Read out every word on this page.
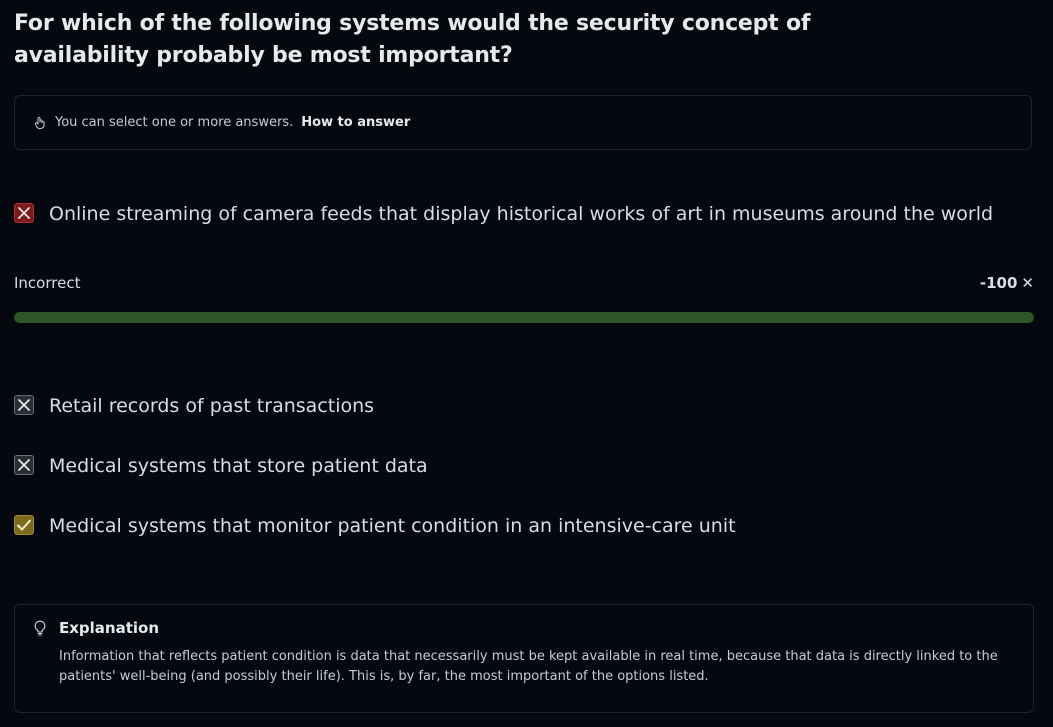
For which of the following systems would the security concept of availability probably be most important?
You can select one or more answers. How to answer
Online streaming of camera feeds that display historical works of art in museums around the world
Incorrect	-100 ✕
Retail records of past transactions
Medical systems that store patient data
Medical systems that monitor patient condition in an intensive-care unit
Explanation
Information that reflects patient condition is data that necessarily must be kept available in real time, because that data is directly linked to the patients' well-being (and possibly their life). This is, by far, the most important of the options listed.
